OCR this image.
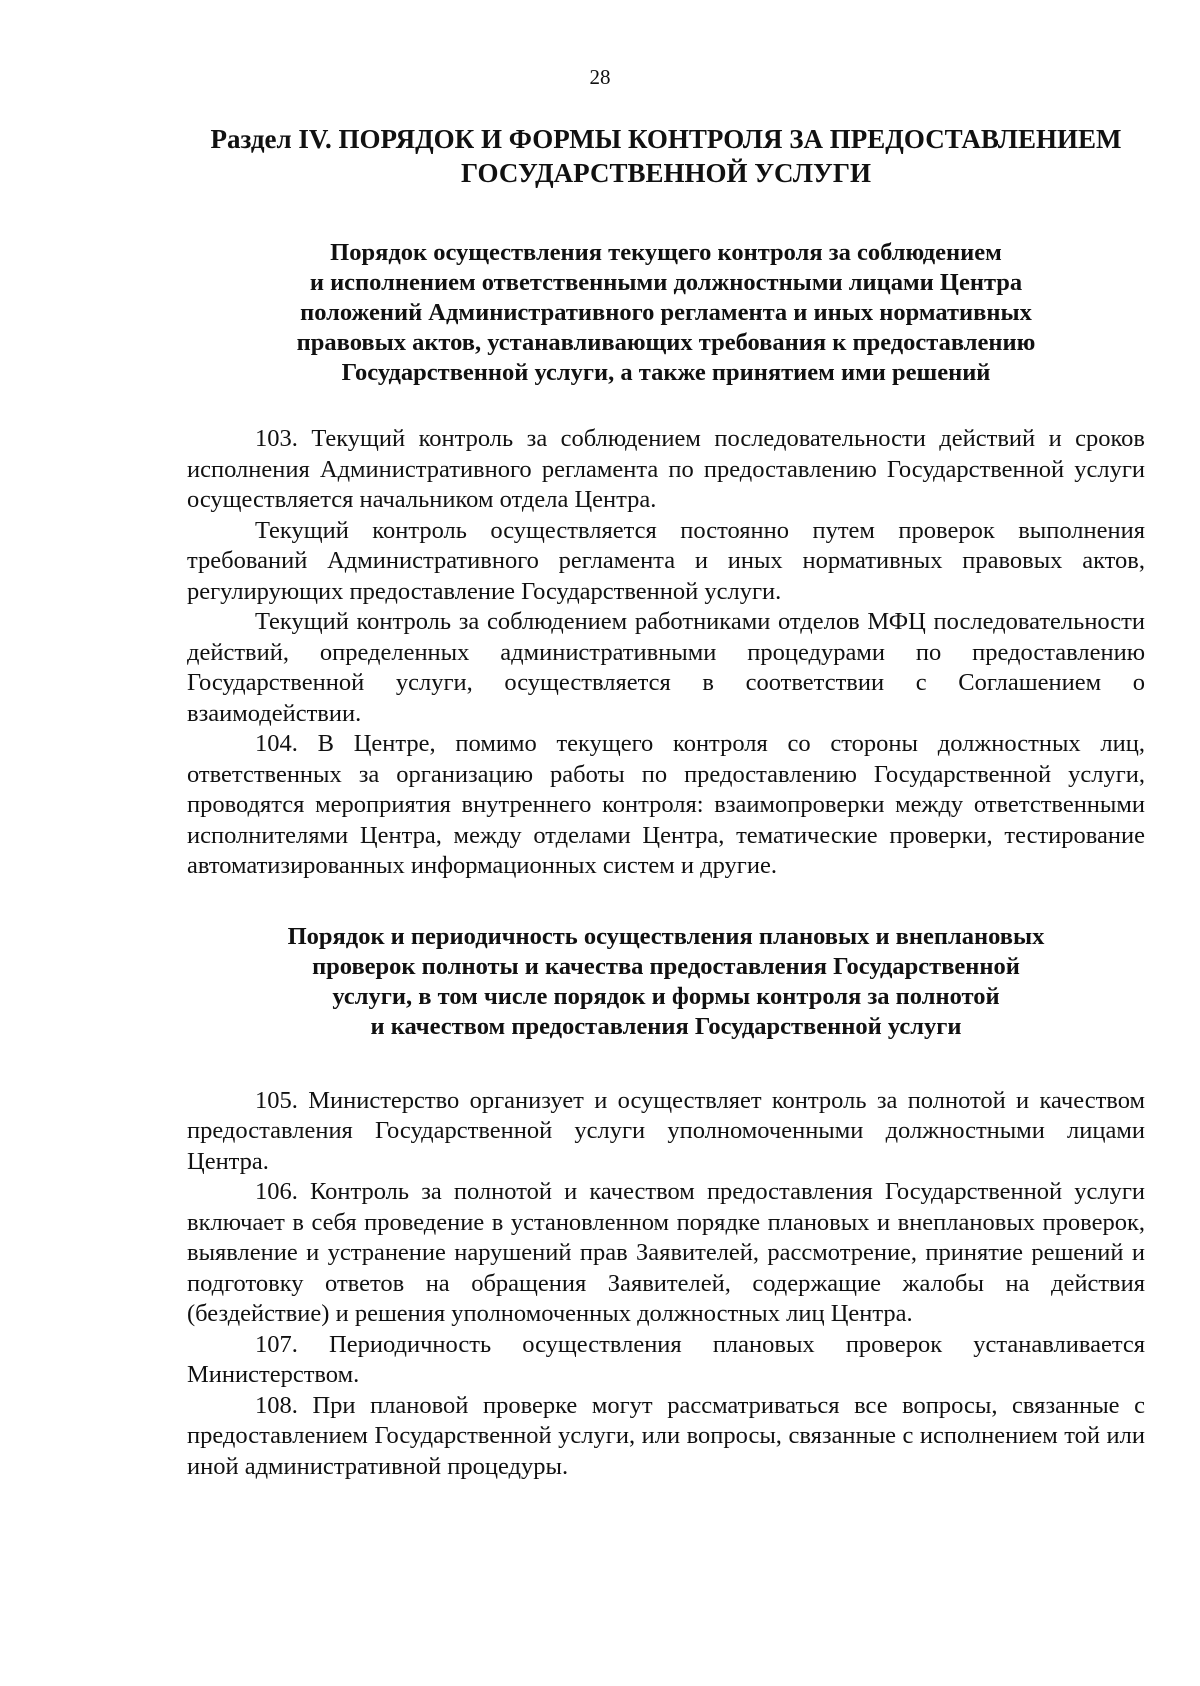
28
Раздел IV. ПОРЯДОК И ФОРМЫ КОНТРОЛЯ ЗА ПРЕДОСТАВЛЕНИЕМ
ГОСУДАРСТВЕННОЙ УСЛУГИ
Порядок осуществления текущего контроля за соблюдением
и исполнением ответственными должностными лицами Центра
положений Административного регламента и иных нормативных
правовых актов, устанавливающих требования к предоставлению
Государственной услуги, а также принятием ими решений

103. Текущий контроль за соблюдением последовательности действий и сроков исполнения Административного регламента по предоставлению Государственной услуги осуществляется начальником отдела Центра.

Текущий контроль осуществляется постоянно путем проверок выполнения требований Административного регламента и иных нормативных правовых актов, регулирующих предоставление Государственной услуги.

Текущий контроль за соблюдением работниками отделов МФЦ последовательности действий, определенных административными процедурами по предоставлению Государственной услуги, осуществляется в соответствии с Соглашением о взаимодействии.

104. В Центре, помимо текущего контроля со стороны должностных лиц, ответственных за организацию работы по предоставлению Государственной услуги, проводятся мероприятия внутреннего контроля: взаимопроверки между ответственными исполнителями Центра, между отделами Центра, тематические проверки, тестирование автоматизированных информационных систем и другие.

Порядок и периодичность осуществления плановых и внеплановых
проверок полноты и качества предоставления Государственной
услуги, в том числе порядок и формы контроля за полнотой
и качеством предоставления Государственной услуги

105. Министерство организует и осуществляет контроль за полнотой и качеством предоставления Государственной услуги уполномоченными должностными лицами Центра.

106. Контроль за полнотой и качеством предоставления Государственной услуги включает в себя проведение в установленном порядке плановых и внеплановых проверок, выявление и устранение нарушений прав Заявителей, рассмотрение, принятие решений и подготовку ответов на обращения Заявителей, содержащие жалобы на действия (бездействие) и решения уполномоченных должностных лиц Центра.

107. Периодичность осуществления плановых проверок устанавливается Министерством.

108. При плановой проверке могут рассматриваться все вопросы, связанные с предоставлением Государственной услуги, или вопросы, связанные с исполнением той или иной административной процедуры.
